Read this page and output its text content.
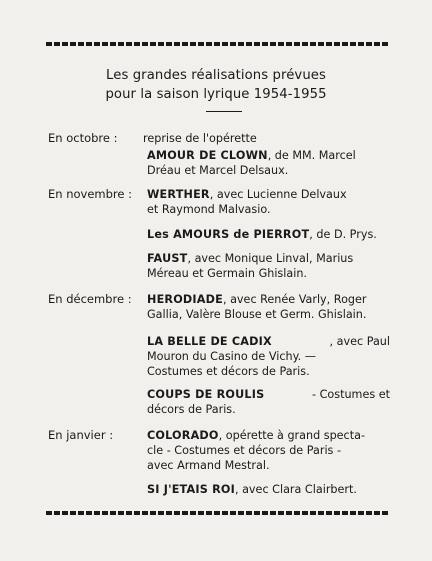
Les grandes réalisations prévues
pour la saison lyrique 1954-1955
En octobre : reprise de l'opérette
AMOUR DE CLOWN, de MM. Marcel
Dréau et Marcel Delsaux.
En novembre : WERTHER, avec Lucienne Delvaux
et Raymond Malvasio.
Les AMOURS de PIERROT, de D. Prys.
FAUST, avec Monique Linval, Marius
Méreau et Germain Ghislain.
En décembre : HERODIADE, avec Renée Varly, Roger
Gallia, Valère Blouse et Germ. Ghislain.
LA BELLE DE CADIX	, avec Paul
Mouron du Casino de Vichy. —
Costumes et décors de Paris.
COUPS DE ROULIS	- Costumes et
décors de Paris.
En janvier :	COLORADO, opérette à grand specta-
cle - Costumes et décors de Paris -
avec Armand Mestral.
SI J'ETAIS ROI, avec Clara Clairbert.
